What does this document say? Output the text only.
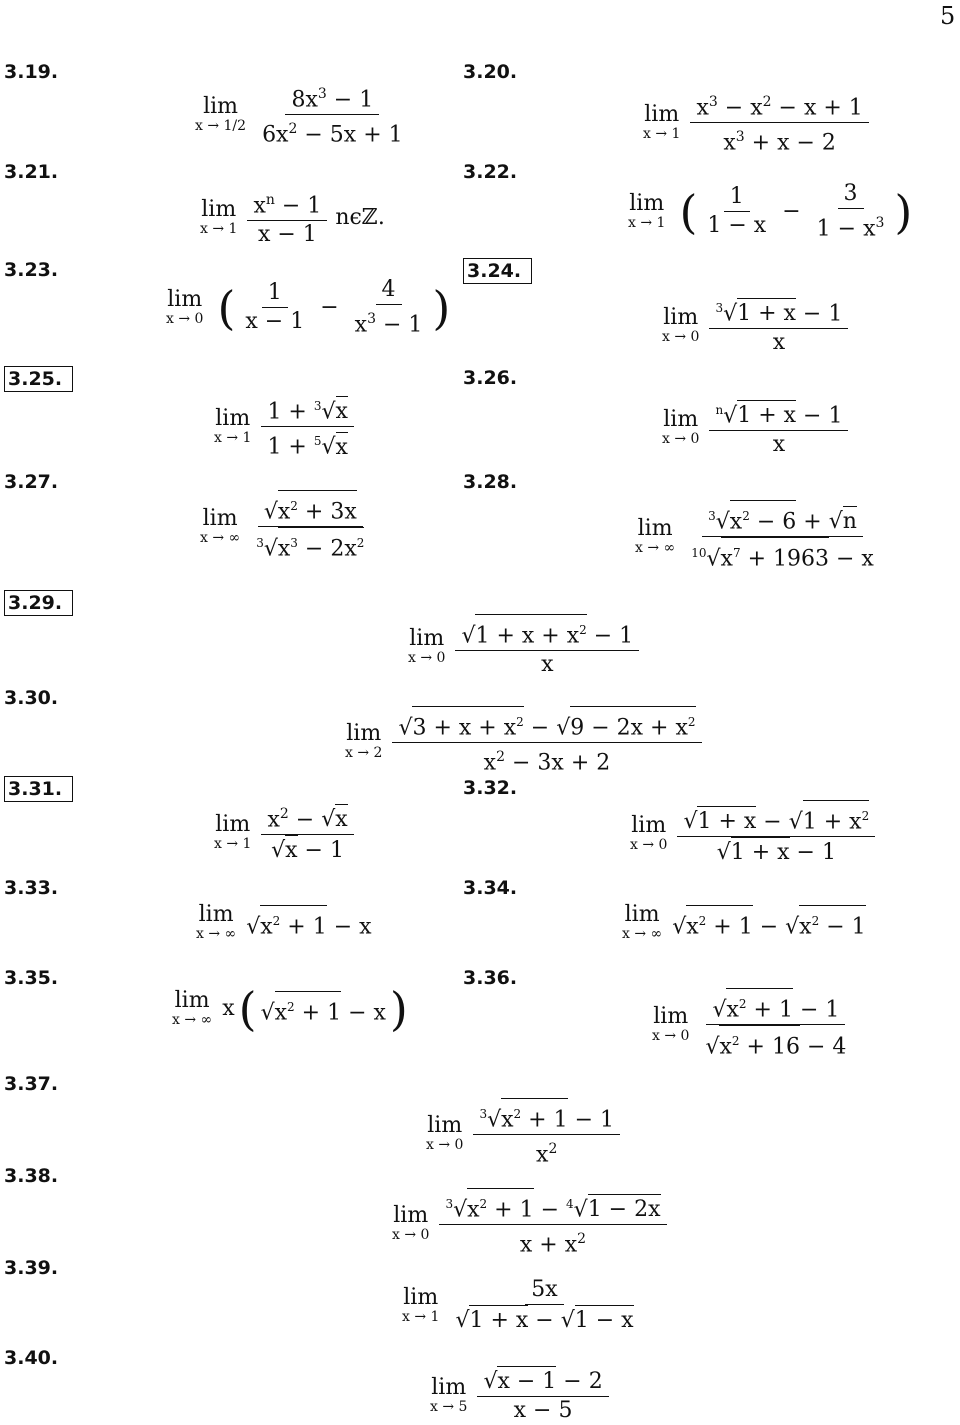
5
3.19.	3.20.
3.21.	3.22.
3.23.	3.24.
3.25.	3.26.
3.27.	3.28.
3.29.
3.30.
3.31.	3.32.
3.33.	3.34.
3.35.	3.36.
3.37.
3.38.
3.39.
3.40.
lim
x → 1/2
$8x^3 - 1$
$6x^2 - 5x + 1$
lim
x → 1
$x^3 - x^2 - x + 1$
$x^3 + x - 2$
lim
x → 1
$x^n - 1$
x − 1
nϵℤ.
lim
x → 1 ( 1
1 − x
− $\frac{3}{1 - x^3}$ )
lim
x → 0 ( 1
x − 1
− $\frac{4}{x^3 - 1}$ )	lim
x → 0
$^3$√1 + x − 1
x
lim
x → 1
1 + $^3$√x
1 + $^5$√x
lim
x → 0
$^n$√1 + x − 1
x
lim
x → ∞
$√x^2 + 3x$
$^3√x^3 - 2x^2$
lim
x → ∞
$^3√x^2 - 6 + √n$
$^{10}√x^7 + 1963 - x$
lim
x → 0
$√1 + x + x^2 - 1$
x
lim
x → 2
$√3 + x + x^2 - √9 - 2x + x^2$
$x^2 - 3x + 2$
lim
x → 1
$x^2 - √x$
√x − 1
lim
x → 0
$√1 + x - √1 + x^2$
√1 + x − 1
lim
x → ∞ $√x^2 + 1 - x$	lim
x → ∞ $√x^2 + 1 - √x^2 - 1$
lim
x → ∞ x ( $√x^2 + 1 - x$ )	lim
x → 0
$√x^2 + 1 - 1$
$√x^2 + 16 - 4$
lim
x → 0
$^3√x^2 + 1 - 1$
$x^2$
lim
x → 0
$^3√x^2 + 1 - ^4√1 - 2x$
$x + x^2$
lim
x → 1
5x
√1 + x − √1 − x
lim
x → 5
√x − 1 − 2
x − 5
